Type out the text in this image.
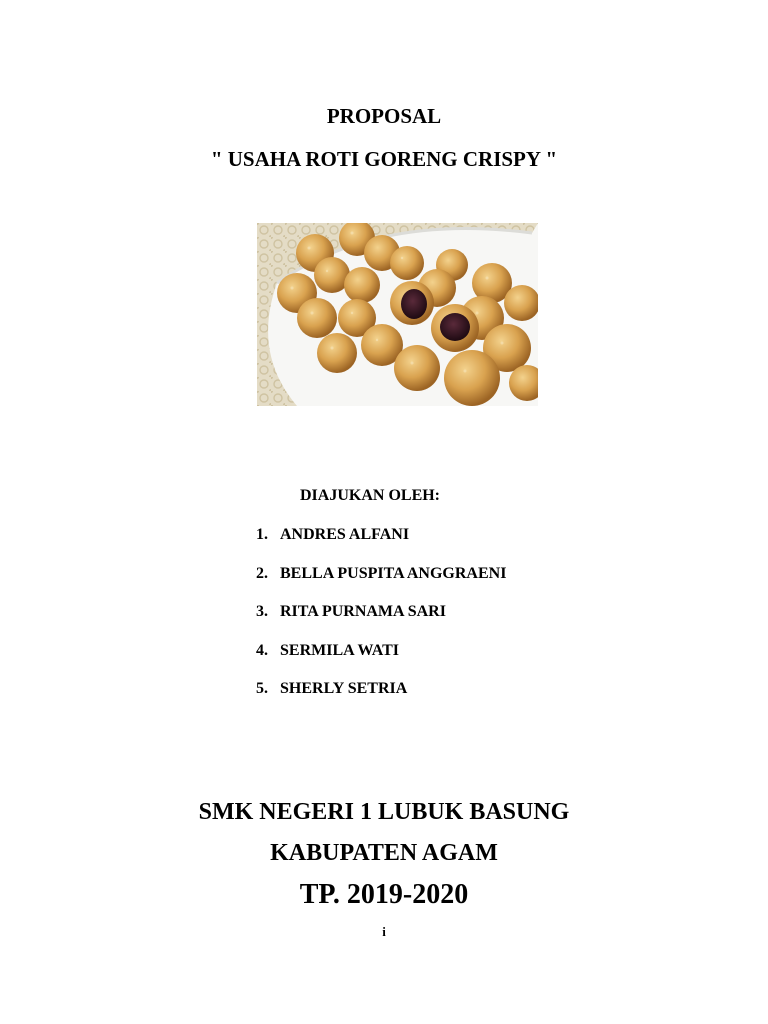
PROPOSAL
" USAHA ROTI GORENG CRISPY "
DIAJUKAN OLEH:
1. ANDRES ALFANI
2. BELLA PUSPITA ANGGRAENI
3. RITA PURNAMA SARI
4. SERMILA WATI
5. SHERLY SETRIA
SMK NEGERI 1 LUBUK BASUNG
KABUPATEN AGAM
TP. 2019-2020
i
